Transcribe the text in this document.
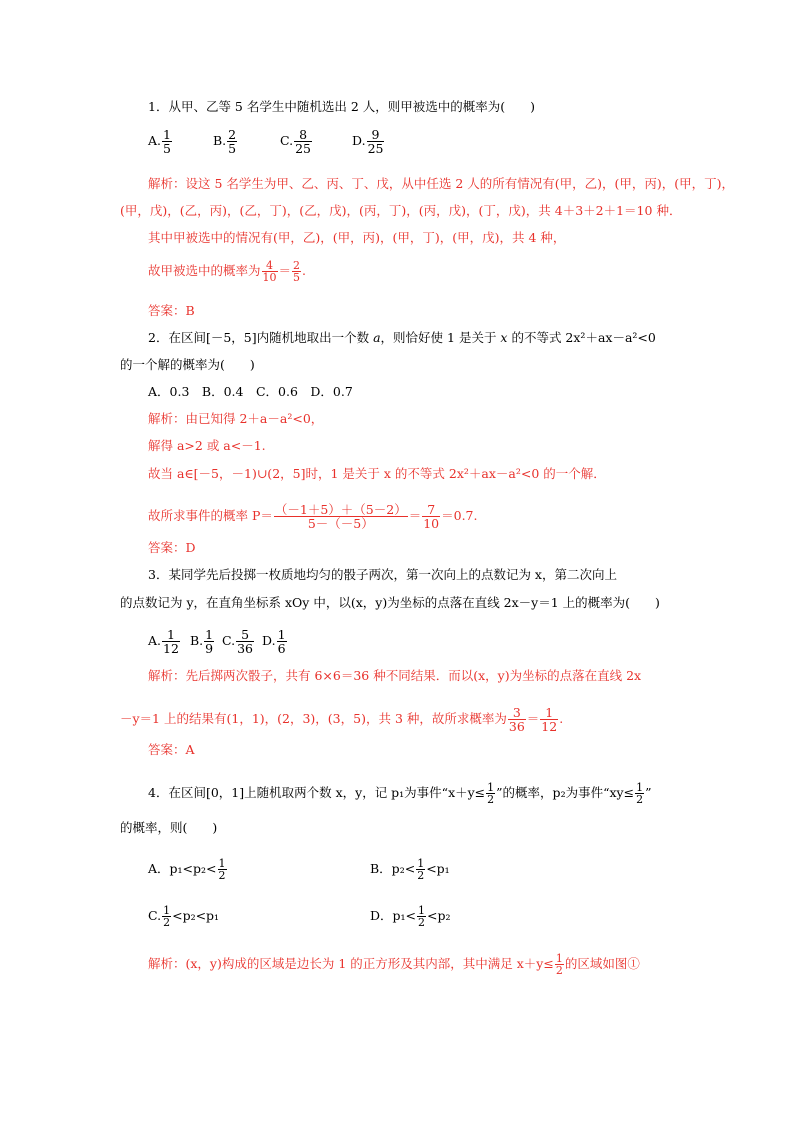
1．从甲、乙等 5 名学生中随机选出 2 人，则甲被选中的概率为(　　)
A. $\frac{1}{5}$	B. $\frac{2}{5}$	C. $\frac{8}{25}$	D. $\frac{9}{25}$
解析：设这 5 名学生为甲、乙、丙、丁、戊，从中任选 2 人的所有情况有(甲，乙)，(甲，丙)，(甲，丁)，
(甲，戊)，(乙，丙)，(乙，丁)，(乙，戊)，(丙，丁)，(丙，戊)，(丁，戊)，共 4＋3＋2＋1＝10 种．
其中甲被选中的情况有(甲，乙)，(甲，丙)，(甲，丁)，(甲，戊)，共 4 种，
故甲被选中的概率为 $\frac{4}{10} = \frac{2}{5}$ .
答案：B
2．在区间[－5，5]内随机地取出一个数 a，则恰好使 1 是关于 x 的不等式 2x²＋ax－a²<0
的一个解的概率为(　　)
A．0.3　B．0.4　C．0.6　D．0.7
解析：由已知得 2＋a－a²<0，
解得 a>2 或 a<－1.
故当 a∈[－5，－1)∪(2，5]时，1 是关于 x 的不等式 2x²＋ax－a²<0 的一个解．
故所求事件的概率 $P= \frac{(-1+5)+(5-2)}{5-(-5)} = \frac{7}{10} =0.7$.
答案：D
3．某同学先后投掷一枚质地均匀的骰子两次，第一次向上的点数记为 x，第二次向上
的点数记为 y，在直角坐标系 xOy 中，以(x，y)为坐标的点落在直线 2x－y＝1 上的概率为(　　)
A. $\frac{1}{12} B$. $\frac{1}{9} C$. $\frac{5}{36} D$. $\frac{1}{6}$
解析：先后掷两次骰子，共有 6×6＝36 种不同结果．而以(x，y)为坐标的点落在直线 2x
－y＝1 上的结果有(1，1)，(2，3)，(3，5)，共 3 种，故所求概率为 $\frac{3}{36} = \frac{1}{12}$ .
答案：A
4．在区间[0，1]上随机取两个数 x，y，记 p₁为事件“$x+y\le \frac{1}{2}$ ”的概率，p₂为事件“$xy\le \frac{1}{2}$ ”
的概率，则(　　)
A．$p_1<p_2< \frac{1}{2}$	B．$p_2< \frac{1}{2} <p_1$
C. $\frac{1}{2} <p_2<p_1$	D．$p_1< \frac{1}{2} <p_2$
解析：(x，y)构成的区域是边长为 1 的正方形及其内部，其中满足 $x+y\le \frac{1}{2}$ 的区域如图①
